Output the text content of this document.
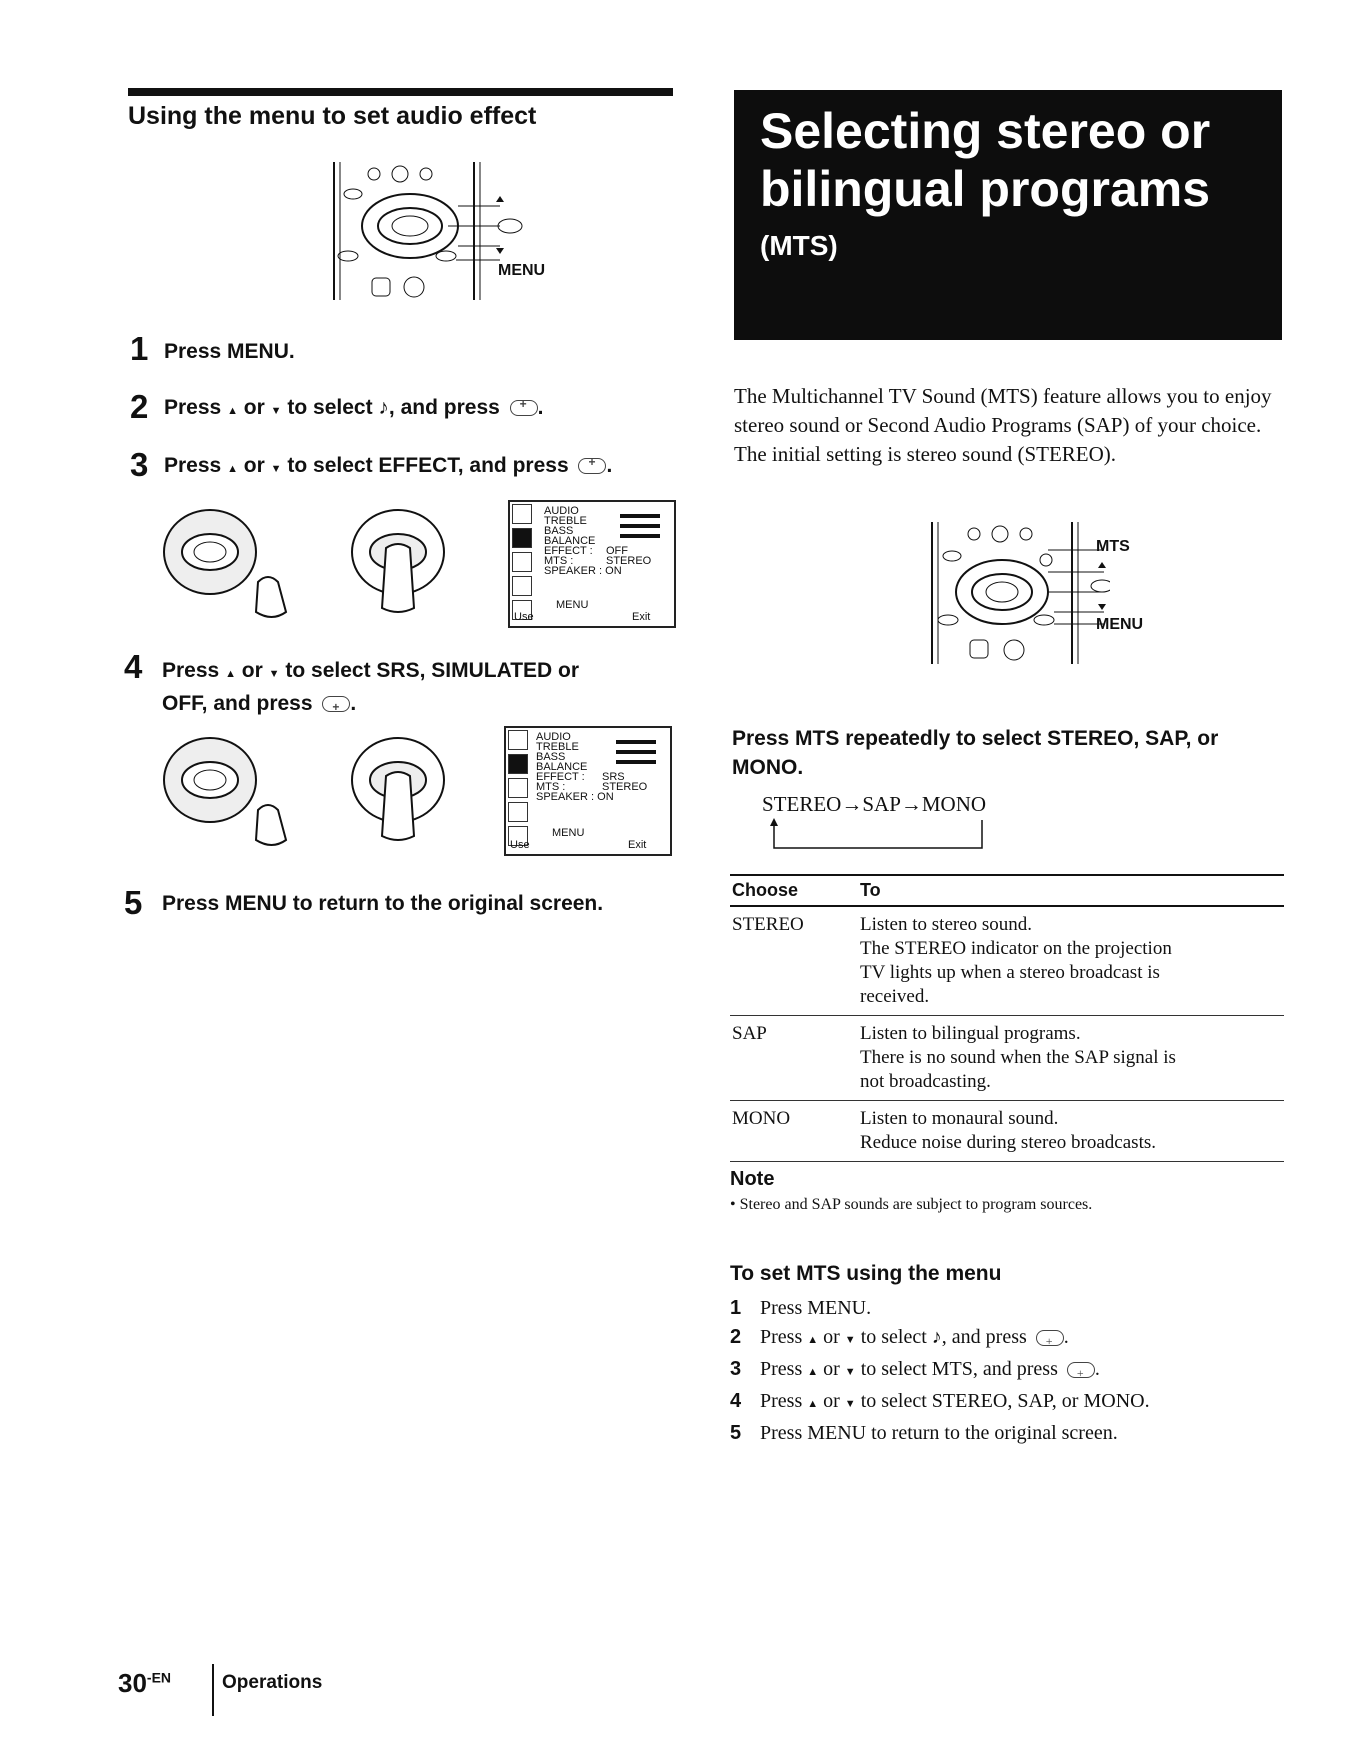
Using the menu to set audio effect
MENU
1 Press MENU.
2 Press ▲ or ▼ to select ♪, and press + .
3 Press ▲ or ▼ to select EFFECT, and press + .
AUDIO
TREBLE
BASS
BALANCE
EFFECT : OFF
MTS :	STEREO
SPEAKER : ON
MENU
Use	Exit
4 Press ▲ or ▼ to select SRS, SIMULATED or
OFF, and press + .
AUDIO
TREBLE
BASS
BALANCE
EFFECT : SRS
MTS :	STEREO
SPEAKER : ON
MENU
Use	Exit
5 Press MENU to return to the original screen.
Selecting stereo or
bilingual programs
(MTS)
The Multichannel TV Sound (MTS) feature allows you to enjoy stereo sound or Second Audio Programs (SAP) of your choice. The initial setting is stereo sound (STEREO).
MTS
MENU
Press MTS repeatedly to select STEREO, SAP, or MONO.
STEREO→SAP→MONO
Choose	To
STEREO	Listen to stereo sound.
The STEREO indicator on the projection
TV lights up when a stereo broadcast is
received.

SAP	Listen to bilingual programs.
There is no sound when the SAP signal is
not broadcasting.

MONO	Listen to monaural sound.
Reduce noise during stereo broadcasts.
Note
• Stereo and SAP sounds are subject to program sources.
To set MTS using the menu
1 Press MENU.
2 Press ▲ or ▼ to select ♪, and press + .
3 Press ▲ or ▼ to select MTS, and press + .
4 Press ▲ or ▼ to select STEREO, SAP, or MONO.
5 Press MENU to return to the original screen.
$30^{-EN}$	Operations
